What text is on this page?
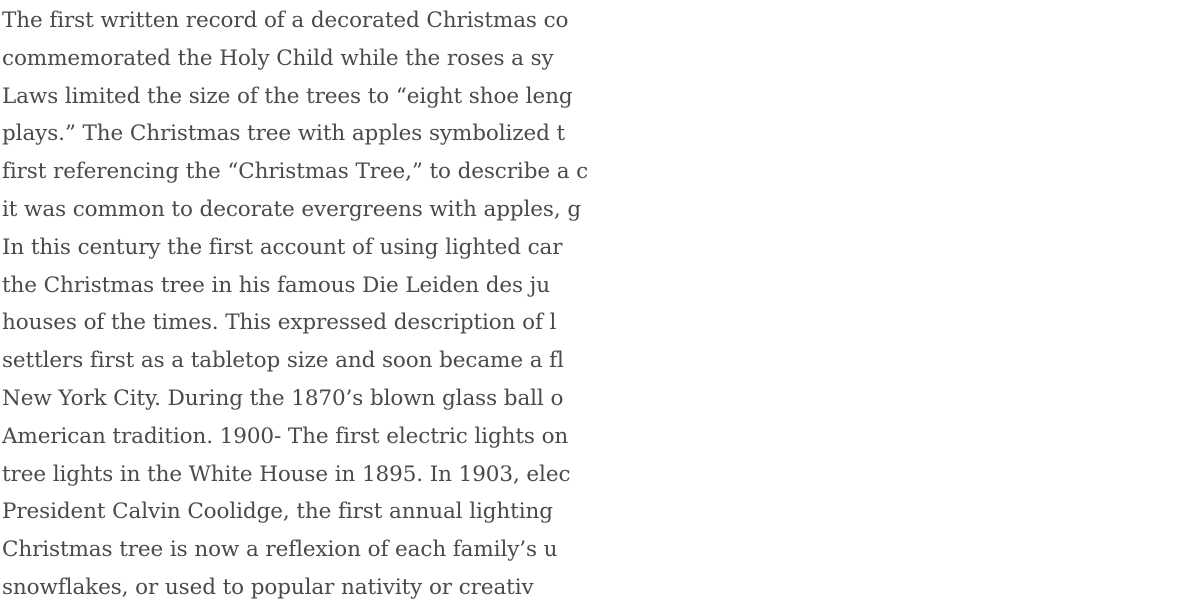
The first written record of a decorated Christmas co
commemorated the Holy Child while the roses a sy
Laws limited the size of the trees to “eight shoe leng
plays.” The Christmas tree with apples symbolized t
first referencing the “Christmas Tree,” to describe a c
it was common to decorate evergreens with apples, g
In this century the first account of using lighted car
the Christmas tree in his famous Die Leiden des ju
houses of the times. This expressed description of l
settlers first as a tabletop size and soon became a fl
New York City. During the 1870’s blown glass ball o
American tradition. 1900- The first electric lights on
tree lights in the White House in 1895. In 1903, elec
President Calvin Coolidge, the first annual lighting
Christmas tree is now a reflexion of each family’s u
snowflakes, or used to popular nativity or creativ
